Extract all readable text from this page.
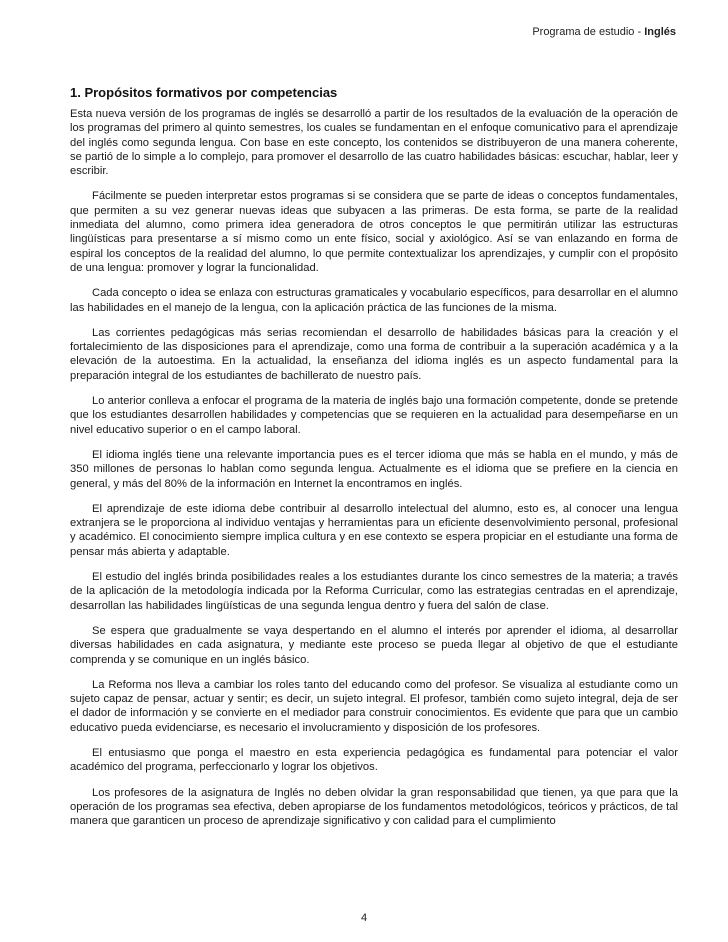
Programa de estudio - Inglés
1. Propósitos formativos por competencias

Esta nueva versión de los programas de inglés se desarrolló a partir de los resultados de la evaluación de la operación de los programas del primero al quinto semestres, los cuales se fundamentan en el enfoque comunicativo para el aprendizaje del inglés como segunda lengua. Con base en este concepto, los contenidos se distribuyeron de una manera coherente, se partió de lo simple a lo complejo, para promover el desarrollo de las cuatro habilidades básicas: escuchar, hablar, leer y escribir.

Fácilmente se pueden interpretar estos programas si se considera que se parte de ideas o conceptos fundamentales, que permiten a su vez generar nuevas ideas que subyacen a las primeras. De esta forma, se parte de la realidad inmediata del alumno, como primera idea generadora de otros conceptos le que permitirán utilizar las estructuras lingüísticas para presentarse a sí mismo como un ente físico, social y axiológico. Así se van enlazando en forma de espiral los conceptos de la realidad del alumno, lo que permite contextualizar los aprendizajes, y cumplir con el propósito de una lengua: promover y lograr la funcionalidad.

Cada concepto o idea se enlaza con estructuras gramaticales y vocabulario específicos, para desarrollar en el alumno las habilidades en el manejo de la lengua, con la aplicación práctica de las funciones de la misma.

Las corrientes pedagógicas más serias recomiendan el desarrollo de habilidades básicas para la creación y el fortalecimiento de las disposiciones para el aprendizaje, como una forma de contribuir a la superación académica y a la elevación de la autoestima. En la actualidad, la enseñanza del idioma inglés es un aspecto fundamental para la preparación integral de los estudiantes de bachillerato de nuestro país.

Lo anterior conlleva a enfocar el programa de la materia de inglés bajo una formación competente, donde se pretende que los estudiantes desarrollen habilidades y competencias que se requieren en la actualidad para desempeñarse en un nivel educativo superior o en el campo laboral.

El idioma inglés tiene una relevante importancia pues es el tercer idioma que más se habla en el mundo, y más de 350 millones de personas lo hablan como segunda lengua. Actualmente es el idioma que se prefiere en la ciencia en general, y más del 80% de la información en Internet la encontramos en inglés.

El aprendizaje de este idioma debe contribuir al desarrollo intelectual del alumno, esto es, al conocer una lengua extranjera se le proporciona al individuo ventajas y herramientas para un eficiente desenvolvimiento personal, profesional y académico. El conocimiento siempre implica cultura y en ese contexto se espera propiciar en el estudiante una forma de pensar más abierta y adaptable.

El estudio del inglés brinda posibilidades reales a los estudiantes durante los cinco semestres de la materia; a través de la aplicación de la metodología indicada por la Reforma Curricular, como las estrategias centradas en el aprendizaje, desarrollan las habilidades lingüísticas de una segunda lengua dentro y fuera del salón de clase.

Se espera que gradualmente se vaya despertando en el alumno el interés por aprender el idioma, al desarrollar diversas habilidades en cada asignatura, y mediante este proceso se pueda llegar al objetivo de que el estudiante comprenda y se comunique en un inglés básico.

La Reforma nos lleva a cambiar los roles tanto del educando como del profesor. Se visualiza al estudiante como un sujeto capaz de pensar, actuar y sentir; es decir, un sujeto integral. El profesor, también como sujeto integral, deja de ser el dador de información y se convierte en el mediador para construir conocimientos. Es evidente que para que un cambio educativo pueda evidenciarse, es necesario el involucramiento y disposición de los profesores.

El entusiasmo que ponga el maestro en esta experiencia pedagógica es fundamental para potenciar el valor académico del programa, perfeccionarlo y lograr los objetivos.

Los profesores de la asignatura de Inglés no deben olvidar la gran responsabilidad que tienen, ya que para que la operación de los programas sea efectiva, deben apropiarse de los fundamentos metodológicos, teóricos y prácticos, de tal manera que garanticen un proceso de aprendizaje significativo y con calidad para el cumplimiento

4
